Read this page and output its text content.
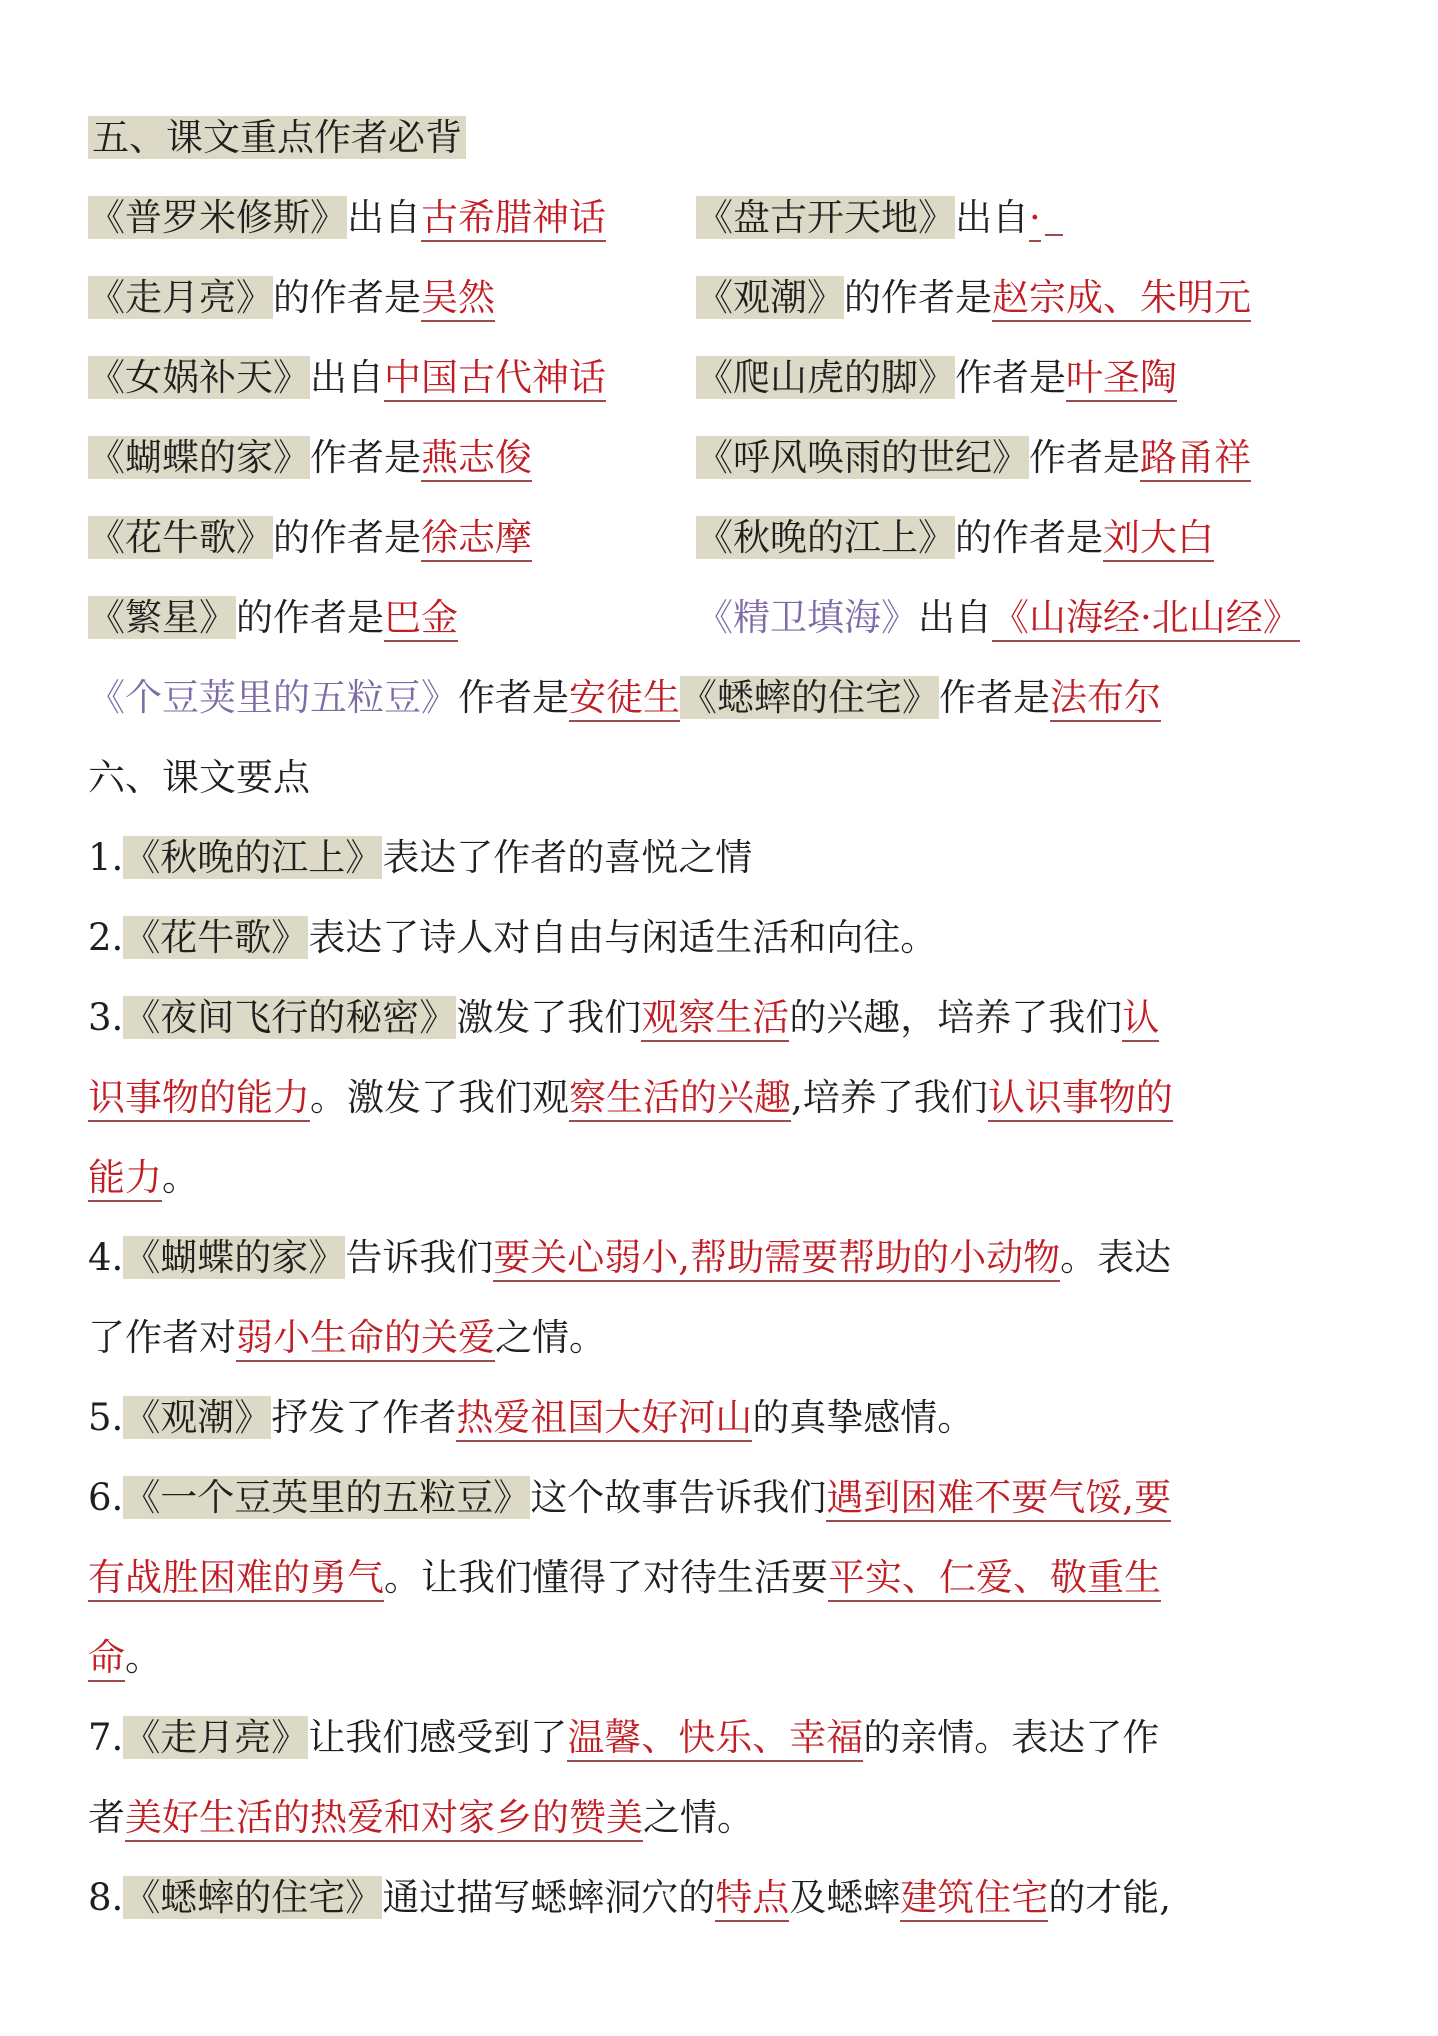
五、课文重点作者必背
《普罗米修斯》出自古希腊神话 《盘古开天地》出自·
《走月亮》的作者是吴然	《观潮》的作者是赵宗成、朱明元
《女娲补天》出自中国古代神话 《爬山虎的脚》作者是叶圣陶
《蝴蝶的家》作者是燕志俊	《呼风唤雨的世纪》作者是路甬祥
《花牛歌》的作者是徐志摩	《秋晚的江上》的作者是刘大白
《繁星》的作者是巴金	《精卫填海》出自《山海经·北山经》
《个豆荚里的五粒豆》作者是安徒生《蟋蟀的住宅》作者是法布尔
六、课文要点
1.《秋晚的江上》表达了作者的喜悦之情
2.《花牛歌》表达了诗人对自由与闲适生活和向往。
3.《夜间飞行的秘密》激发了我们观察生活的兴趣，培养了我们认
识事物的能力。激发了我们观察生活的兴趣,培养了我们认识事物的
能力。
4.《蝴蝶的家》告诉我们要关心弱小,帮助需要帮助的小动物。表达
了作者对弱小生命的关爱之情。
5.《观潮》抒发了作者热爱祖国大好河山的真挚感情。
6.《一个豆英里的五粒豆》这个故事告诉我们遇到困难不要气馁,要
有战胜困难的勇气。让我们懂得了对待生活要平实、仁爱、敬重生
命。
7.《走月亮》让我们感受到了温馨、快乐、幸福的亲情。表达了作
者美好生活的热爱和对家乡的赞美之情。
8.《蟋蟀的住宅》通过描写蟋蟀洞穴的特点及蟋蟀建筑住宅的才能,
